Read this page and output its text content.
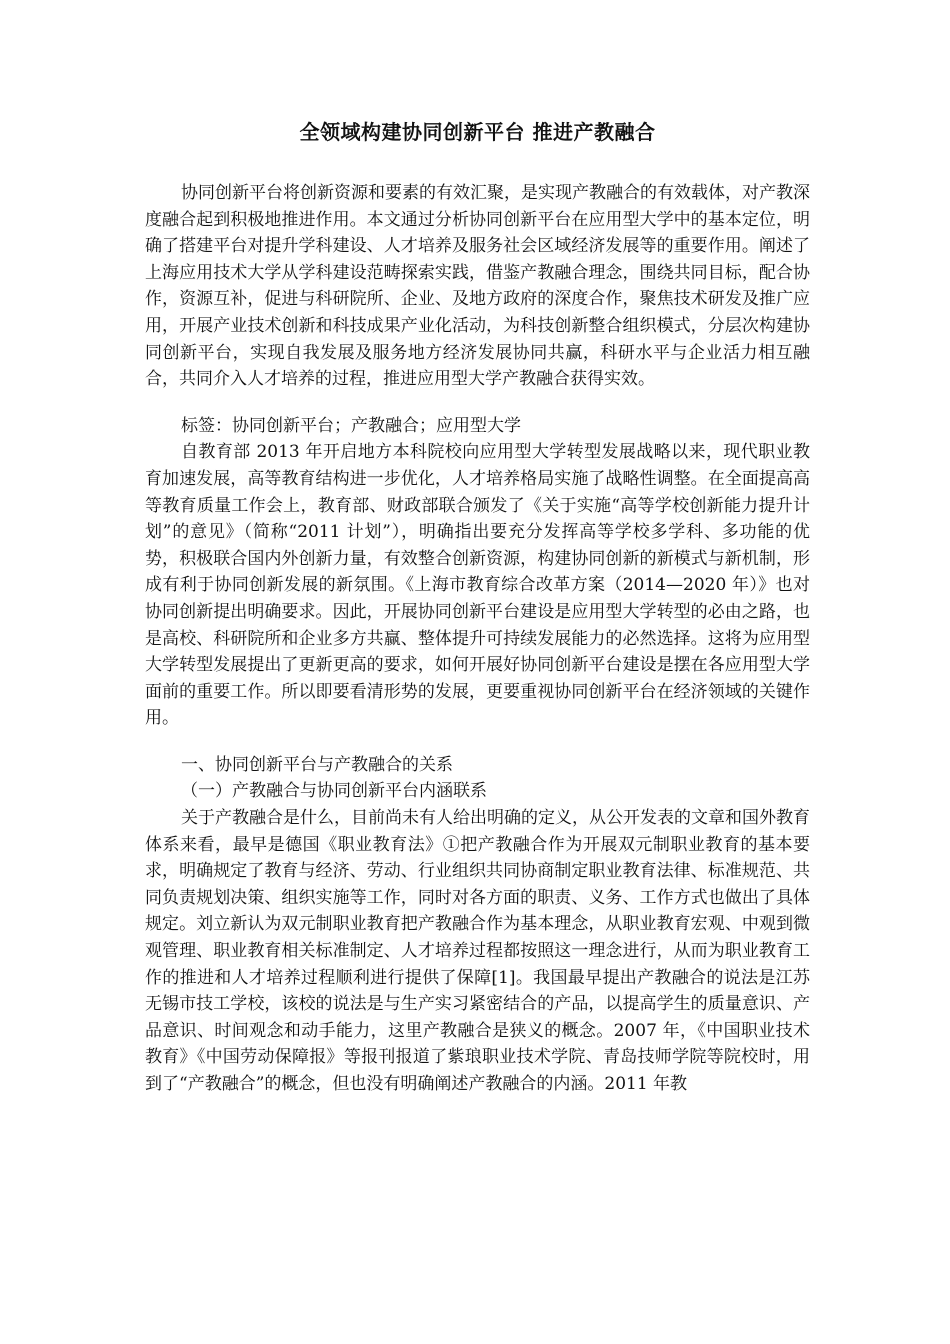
全领域构建协同创新平台 推进产教融合

协同创新平台将创新资源和要素的有效汇聚，是实现产教融合的有效载体，对产教深度融合起到积极地推进作用。本文通过分析协同创新平台在应用型大学中的基本定位，明确了搭建平台对提升学科建设、人才培养及服务社会区域经济发展等的重要作用。阐述了上海应用技术大学从学科建设范畴探索实践，借鉴产教融合理念，围绕共同目标，配合协作，资源互补，促进与科研院所、企业、及地方政府的深度合作，聚焦技术研发及推广应用，开展产业技术创新和科技成果产业化活动，为科技创新整合组织模式，分层次构建协同创新平台，实现自我发展及服务地方经济发展协同共赢，科研水平与企业活力相互融合，共同介入人才培养的过程，推进应用型大学产教融合获得实效。

标签：协同创新平台；产教融合；应用型大学

自教育部 2013 年开启地方本科院校向应用型大学转型发展战略以来，现代职业教育加速发展，高等教育结构进一步优化，人才培养格局实施了战略性调整。在全面提高高等教育质量工作会上，教育部、财政部联合颁发了《关于实施“高等学校创新能力提升计划”的意见》（简称“2011 计划”），明确指出要充分发挥高等学校多学科、多功能的优势，积极联合国内外创新力量，有效整合创新资源，构建协同创新的新模式与新机制，形成有利于协同创新发展的新氛围。《上海市教育综合改革方案（2014—2020 年）》也对协同创新提出明确要求。因此，开展协同创新平台建设是应用型大学转型的必由之路，也是高校、科研院所和企业多方共赢、整体提升可持续发展能力的必然选择。这将为应用型大学转型发展提出了更新更高的要求，如何开展好协同创新平台建设是摆在各应用型大学面前的重要工作。所以即要看清形势的发展，更要重视协同创新平台在经济领域的关键作用。

一、协同创新平台与产教融合的关系

（一）产教融合与协同创新平台内涵联系

关于产教融合是什么，目前尚未有人给出明确的定义，从公开发表的文章和国外教育体系来看，最早是德国《职业教育法》①把产教融合作为开展双元制职业教育的基本要求，明确规定了教育与经济、劳动、行业组织共同协商制定职业教育法律、标准规范、共同负责规划决策、组织实施等工作，同时对各方面的职责、义务、工作方式也做出了具体规定。刘立新认为双元制职业教育把产教融合作为基本理念，从职业教育宏观、中观到微观管理、职业教育相关标准制定、人才培养过程都按照这一理念进行，从而为职业教育工作的推进和人才培养过程顺利进行提供了保障[1]。我国最早提出产教融合的说法是江苏无锡市技工学校，该校的说法是与生产实习紧密结合的产品，以提高学生的质量意识、产品意识、时间观念和动手能力，这里产教融合是狭义的概念。2007 年，《中国职业技术教育》《中国劳动保障报》等报刊报道了紫琅职业技术学院、青岛技师学院等院校时，用到了“产教融合”的概念，但也没有明确阐述产教融合的内涵。2011 年教
